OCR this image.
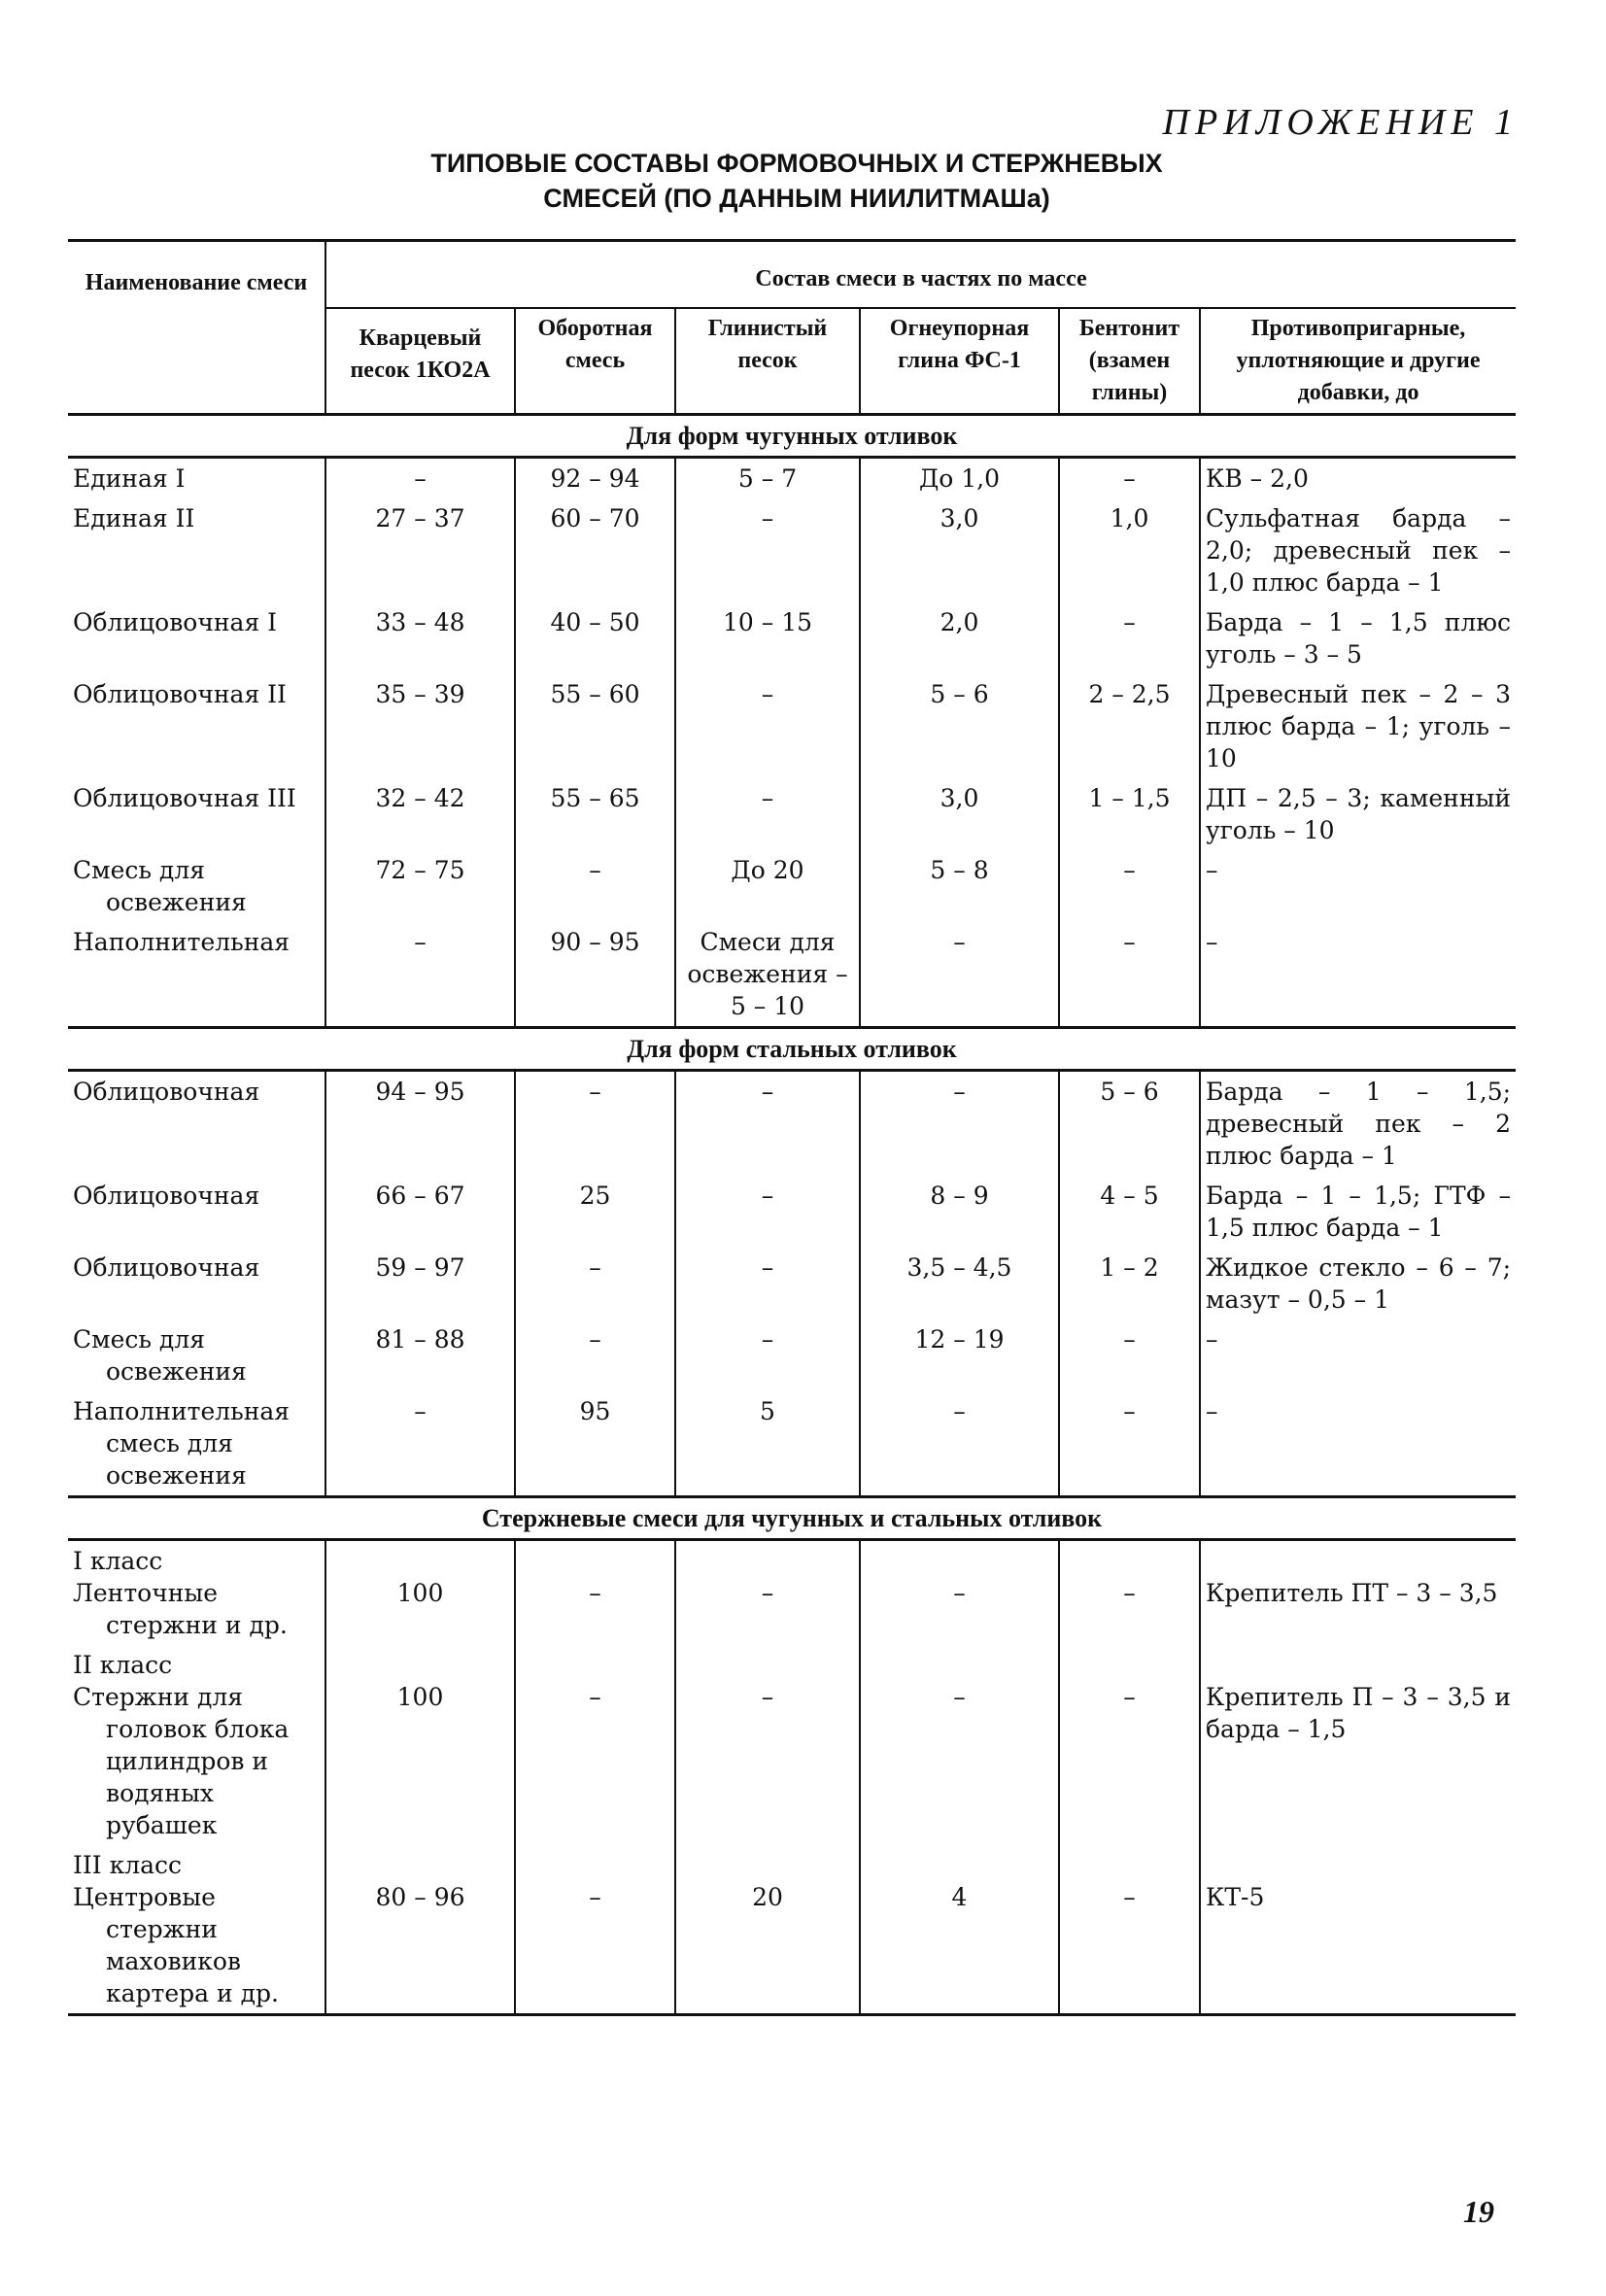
ПРИЛОЖЕНИЕ 1
ТИПОВЫЕ СОСТАВЫ ФОРМОВОЧНЫХ И СТЕРЖНЕВЫХ
СМЕСЕЙ (ПО ДАННЫМ НИИЛИТМАШа)
Наименование смеси	Состав смеси в частях по массе					
	Кварцевый песок 1КО2А	Оборотная смесь	Глинистый песок	Огнеупорная глина ФС-1	Бентонит (взамен глины)	Противопригарные, уплотняющие и другие добавки, до
Для форм чугунных отливок						

Единая I	–	92 – 94	5 – 7	До 1,0	–	КВ – 2,0

Единая II	27 – 37	60 – 70	–	3,0	1,0	Сульфатная барда – 2,0; древесный пек – 1,0 плюс барда – 1

Облицовочная I	33 – 48	40 – 50	10 – 15	2,0	–	Барда – 1 – 1,5 плюс уголь – 3 – 5

Облицовочная II	35 – 39	55 – 60	–	5 – 6	2 – 2,5	Древесный пек – 2 – 3 плюс барда – 1; уголь – 10

Облицовочная III	32 – 42	55 – 65	–	3,0	1 – 1,5	ДП – 2,5 – 3; каменный уголь – 10

Смесь для освежения	72 – 75	–	До 20	5 – 8	–	–

Наполнительная	–	90 – 95	Смеси для освежения – 5 – 10	–	–	–
Для форм стальных отливок						

Облицовочная	94 – 95	–	–	–	5 – 6	Барда – 1 – 1,5; древесный пек – 2 плюс барда – 1

Облицовочная	66 – 67	25	–	8 – 9	4 – 5	Барда – 1 – 1,5; ГТФ – 1,5 плюс барда – 1

Облицовочная	59 – 97	–	–	3,5 – 4,5	1 – 2	Жидкое стекло – 6 – 7; мазут – 0,5 – 1

Смесь для освежения	81 – 88	–	–	12 – 19	–	–

Наполнительная смесь для освежения	–	95	5	–	–	–
Стержневые смеси для чугунных и стальных отливок						

I класс
Ленточные стержни и др.	100	–	–	–	–	Крепитель ПТ – 3 – 3,5

II класс
Стержни для головок блока цилиндров и водяных рубашек	100	–	–	–	–	Крепитель П – 3 – 3,5 и барда – 1,5

III класс
Центровые стержни маховиков картера и др.	80 – 96	–	20	4	–	КТ-5
19
